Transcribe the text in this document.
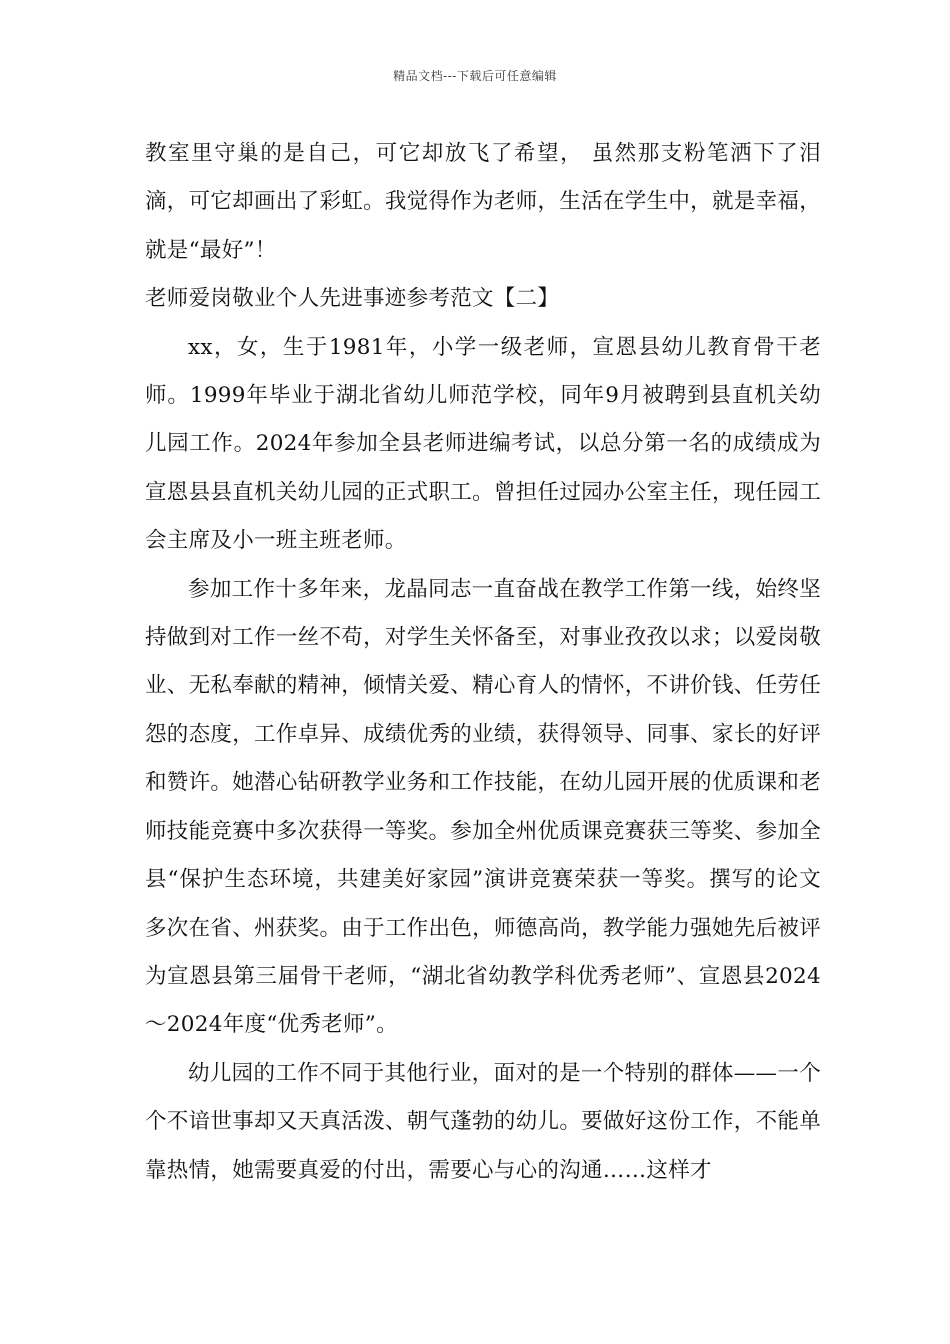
精品文档---下载后可任意编辑

教室里守巢的是自己，可它却放飞了希望， 虽然那支粉笔洒下了泪滴，可它却画出了彩虹。我觉得作为老师，生活在学生中，就是幸福，就是“最好”！

老师爱岗敬业个人先进事迹参考范文【二】

xx，女，生于1981年，小学一级老师，宣恩县幼儿教育骨干老师。1999年毕业于湖北省幼儿师范学校，同年9月被聘到县直机关幼儿园工作。2024年参加全县老师进编考试，以总分第一名的成绩成为宣恩县县直机关幼儿园的正式职工。曾担任过园办公室主任，现任园工会主席及小一班主班老师。

参加工作十多年来，龙晶同志一直奋战在教学工作第一线，始终坚持做到对工作一丝不苟，对学生关怀备至，对事业孜孜以求；以爱岗敬业、无私奉献的精神，倾情关爱、精心育人的情怀，不讲价钱、任劳任怨的态度，工作卓异、成绩优秀的业绩，获得领导、同事、家长的好评和赞许。她潜心钻研教学业务和工作技能，在幼儿园开展的优质课和老师技能竞赛中多次获得一等奖。参加全州优质课竞赛获三等奖、参加全县“保护生态环境，共建美好家园”演讲竞赛荣获一等奖。撰写的论文多次在省、州获奖。由于工作出色，师德高尚，教学能力强她先后被评为宣恩县第三届骨干老师，“湖北省幼教学科优秀老师”、宣恩县2024～2024年度“优秀老师”。

幼儿园的工作不同于其他行业，面对的是一个特别的群体——一个个不谙世事却又天真活泼、朝气蓬勃的幼儿。要做好这份工作，不能单靠热情，她需要真爱的付出，需要心与心的沟通……这样才
